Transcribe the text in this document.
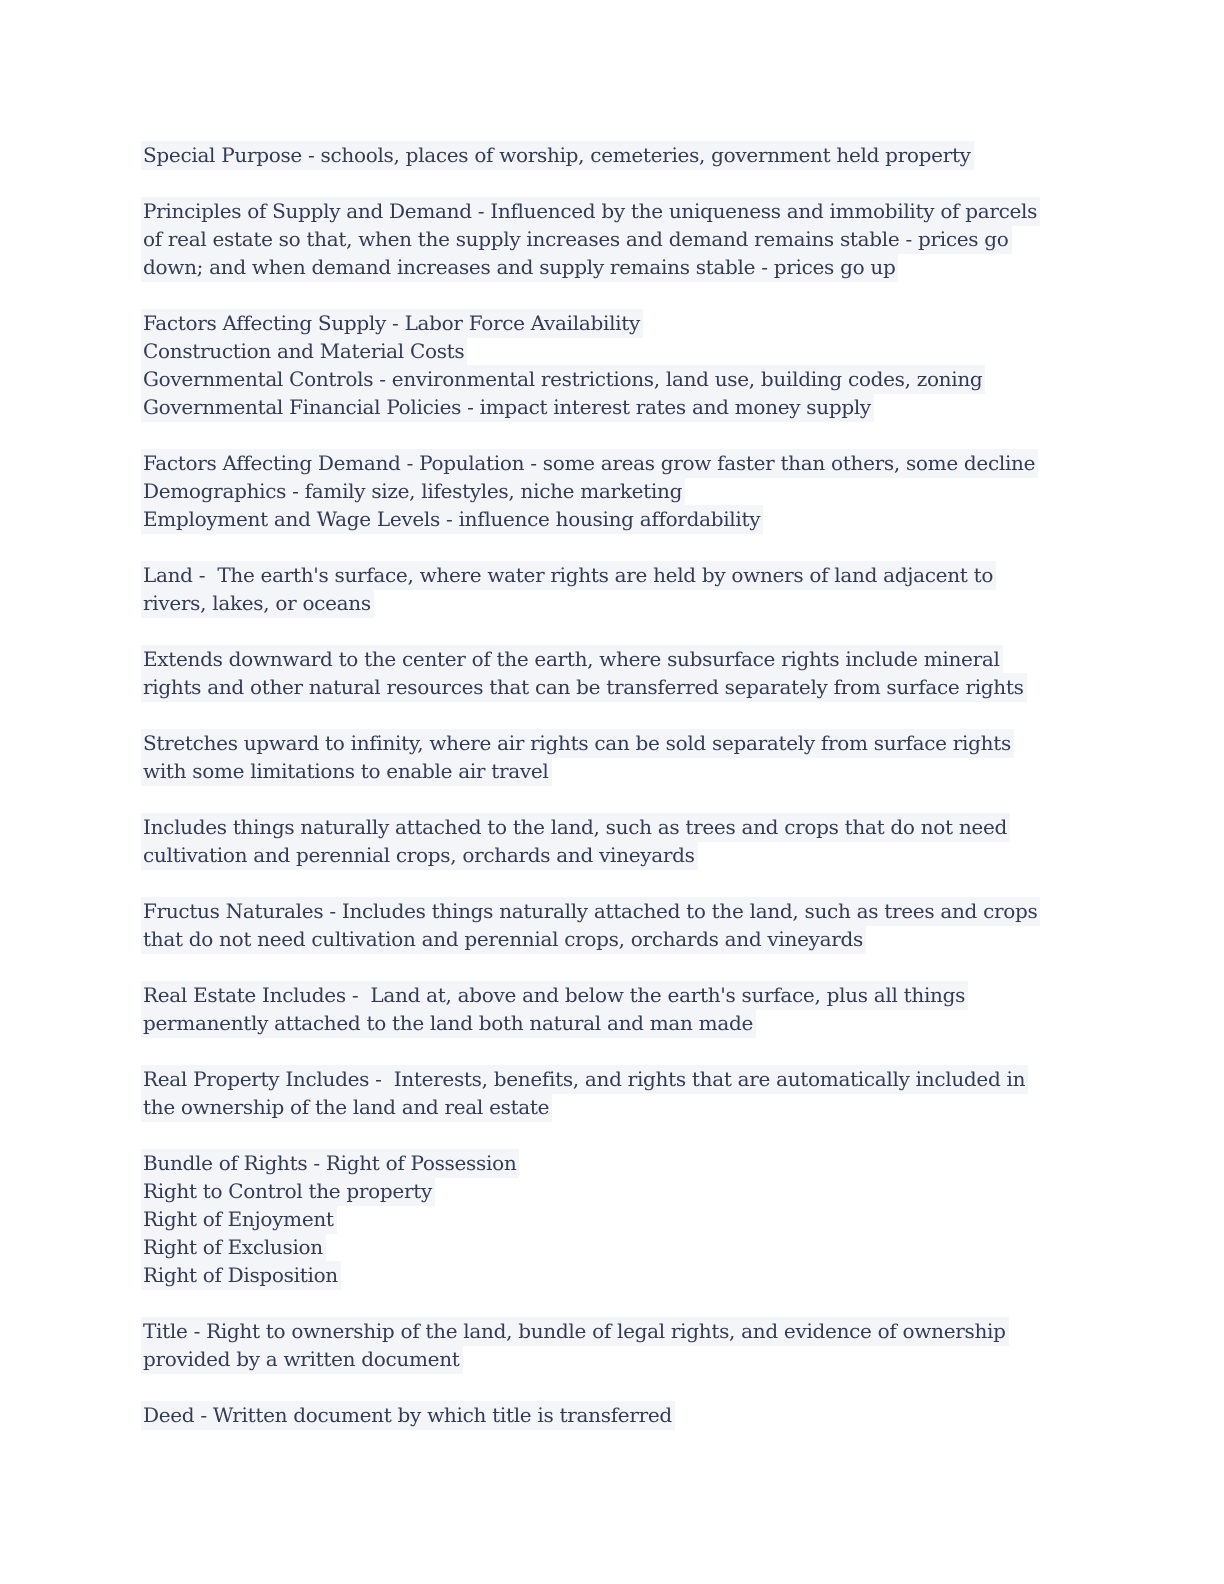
Special Purpose - schools, places of worship, cemeteries, government held property
Principles of Supply and Demand - Influenced by the uniqueness and immobility of parcels
of real estate so that, when the supply increases and demand remains stable - prices go
down; and when demand increases and supply remains stable - prices go up
Factors Affecting Supply - Labor Force Availability
Construction and Material Costs
Governmental Controls - environmental restrictions, land use, building codes, zoning
Governmental Financial Policies - impact interest rates and money supply
Factors Affecting Demand - Population - some areas grow faster than others, some decline
Demographics - family size, lifestyles, niche marketing
Employment and Wage Levels - influence housing affordability
Land -  The earth's surface, where water rights are held by owners of land adjacent to
rivers, lakes, or oceans
Extends downward to the center of the earth, where subsurface rights include mineral
rights and other natural resources that can be transferred separately from surface rights
Stretches upward to infinity, where air rights can be sold separately from surface rights
with some limitations to enable air travel
Includes things naturally attached to the land, such as trees and crops that do not need
cultivation and perennial crops, orchards and vineyards
Fructus Naturales - Includes things naturally attached to the land, such as trees and crops
that do not need cultivation and perennial crops, orchards and vineyards
Real Estate Includes -  Land at, above and below the earth's surface, plus all things
permanently attached to the land both natural and man made
Real Property Includes -  Interests, benefits, and rights that are automatically included in
the ownership of the land and real estate
Bundle of Rights - Right of Possession
Right to Control the property
Right of Enjoyment
Right of Exclusion
Right of Disposition
Title - Right to ownership of the land, bundle of legal rights, and evidence of ownership
provided by a written document
Deed - Written document by which title is transferred
